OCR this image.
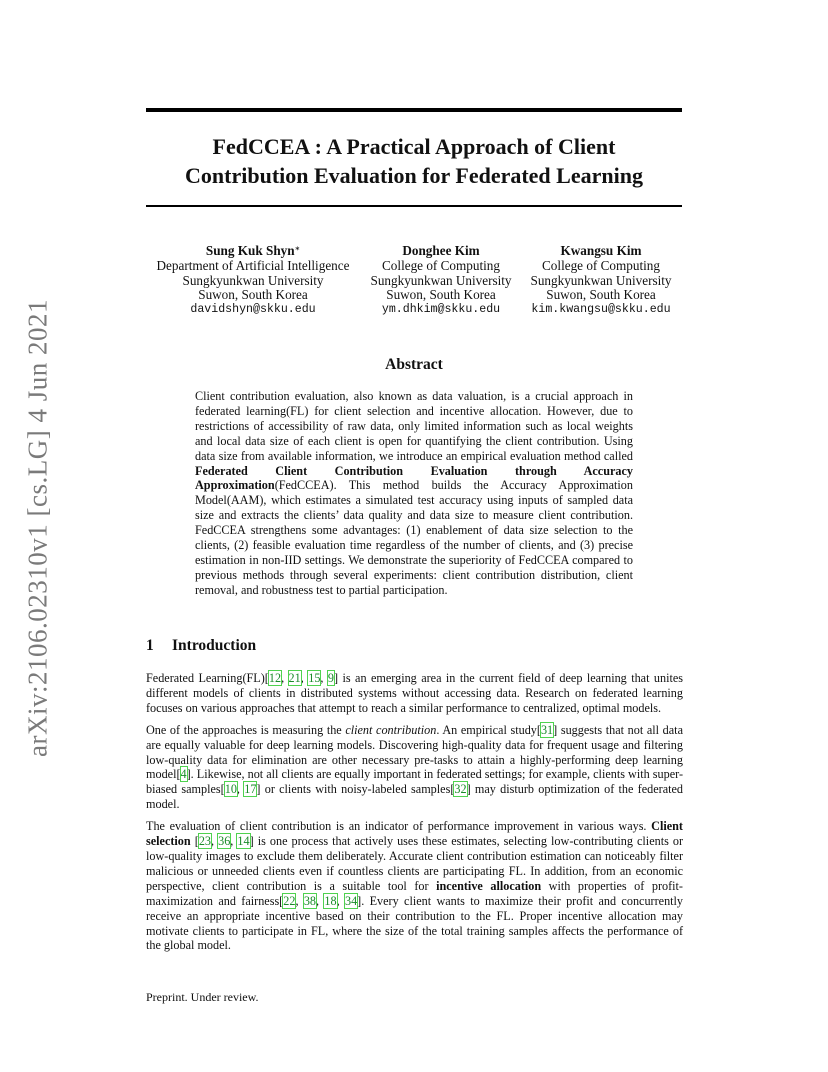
arXiv:2106.02310v1 [cs.LG] 4 Jun 2021
FedCCEA : A Practical Approach of Client
Contribution Evaluation for Federated Learning
Sung Kuk Shyn∗
Department of Artificial Intelligence
Sungkyunkwan University
Suwon, South Korea
davidshyn@skku.edu
Donghee Kim
College of Computing
Sungkyunkwan University
Suwon, South Korea
ym.dhkim@skku.edu
Kwangsu Kim
College of Computing
Sungkyunkwan University
Suwon, South Korea
kim.kwangsu@skku.edu
Abstract

Client contribution evaluation, also known as data valuation, is a crucial approach in federated learning(FL) for client selection and incentive allocation. However, due to restrictions of accessibility of raw data, only limited information such as local weights and local data size of each client is open for quantifying the client contribution. Using data size from available information, we introduce an empirical evaluation method called Federated Client Contribution Evaluation through Accuracy Approximation(FedCCEA). This method builds the Accuracy Approximation Model(AAM), which estimates a simulated test accuracy using inputs of sampled data size and extracts the clients’ data quality and data size to measure client contribution. FedCCEA strengthens some advantages: (1) enablement of data size selection to the clients, (2) feasible evaluation time regardless of the number of clients, and (3) precise estimation in non-IID settings. We demonstrate the superiority of FedCCEA compared to previous methods through several experiments: client contribution distribution, client removal, and robustness test to partial participation.

1 Introduction

Federated Learning(FL)[12, 21, 15, 9] is an emerging area in the current field of deep learning that unites different models of clients in distributed systems without accessing data. Research on federated learning focuses on various approaches that attempt to reach a similar performance to centralized, optimal models.

One of the approaches is measuring the client contribution. An empirical study[31] suggests that not all data are equally valuable for deep learning models. Discovering high-quality data for frequent usage and filtering low-quality data for elimination are other necessary pre-tasks to attain a highly-performing deep learning model[4]. Likewise, not all clients are equally important in federated settings; for example, clients with super-biased samples[10, 17] or clients with noisy-labeled samples[32] may disturb optimization of the federated model.

The evaluation of client contribution is an indicator of performance improvement in various ways. Client selection [23, 36, 14] is one process that actively uses these estimates, selecting low-contributing clients or low-quality images to exclude them deliberately. Accurate client contribution estimation can noticeably filter malicious or unneeded clients even if countless clients are participating FL. In addition, from an economic perspective, client contribution is a suitable tool for incentive allocation with properties of profit-maximization and fairness[22, 38, 18, 34]. Every client wants to maximize their profit and concurrently receive an appropriate incentive based on their contribution to the FL. Proper incentive allocation may motivate clients to participate in FL, where the size of the total training samples affects the performance of the global model.

Preprint. Under review.
